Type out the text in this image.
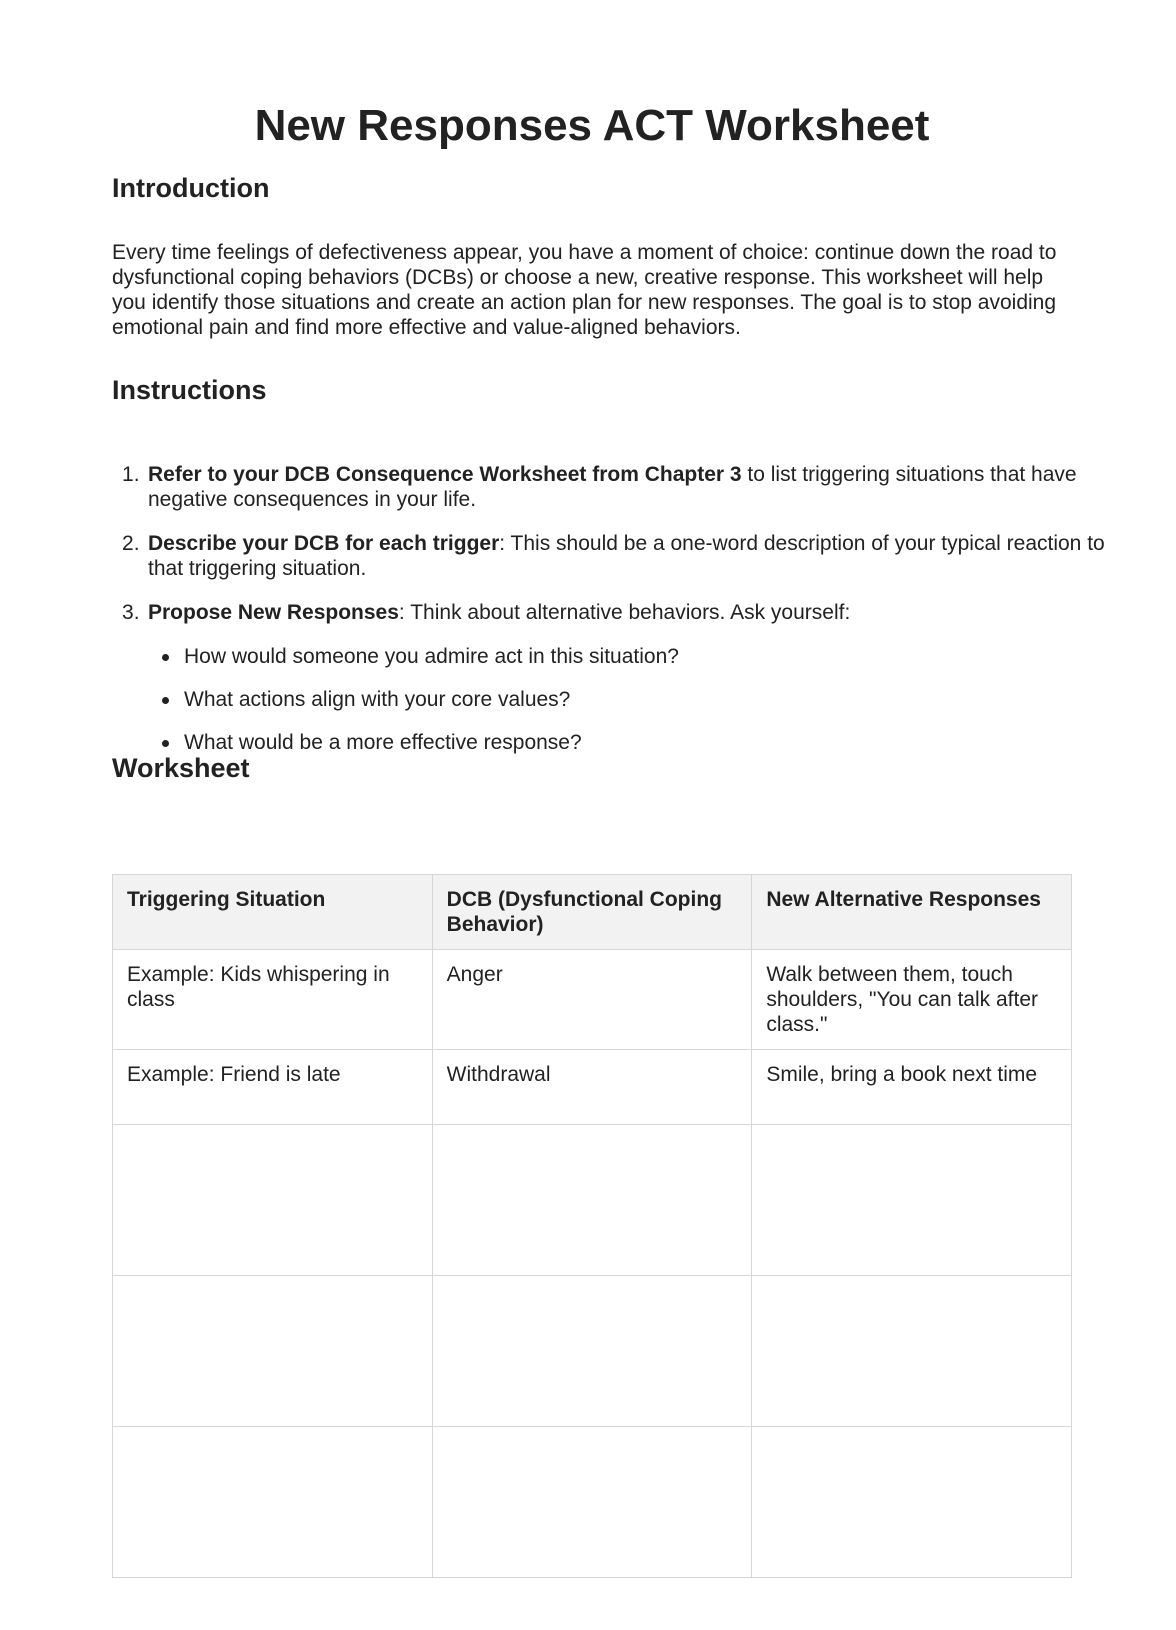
New Responses ACT Worksheet
Introduction

Every time feelings of defectiveness appear, you have a moment of choice: continue down the road to dysfunctional coping behaviors (DCBs) or choose a new, creative response. This worksheet will help you identify those situations and create an action plan for new responses. The goal is to stop avoiding emotional pain and find more effective and value-aligned behaviors.

Instructions
Refer to your DCB Consequence Worksheet from Chapter 3 to list triggering situations that have negative consequences in your life.
Describe your DCB for each trigger: This should be a one-word description of your typical reaction to that triggering situation.
Propose New Responses: Think about alternative behaviors. Ask yourself:
How would someone you admire act in this situation?
What actions align with your core values?
What would be a more effective response?
Worksheet
Triggering Situation	DCB (Dysfunctional Coping Behavior)	New Alternative Responses
Example: Kids whispering in class	Anger	Walk between them, touch shoulders, "You can talk after class."
Example: Friend is late	Withdrawal	Smile, bring a book next time
